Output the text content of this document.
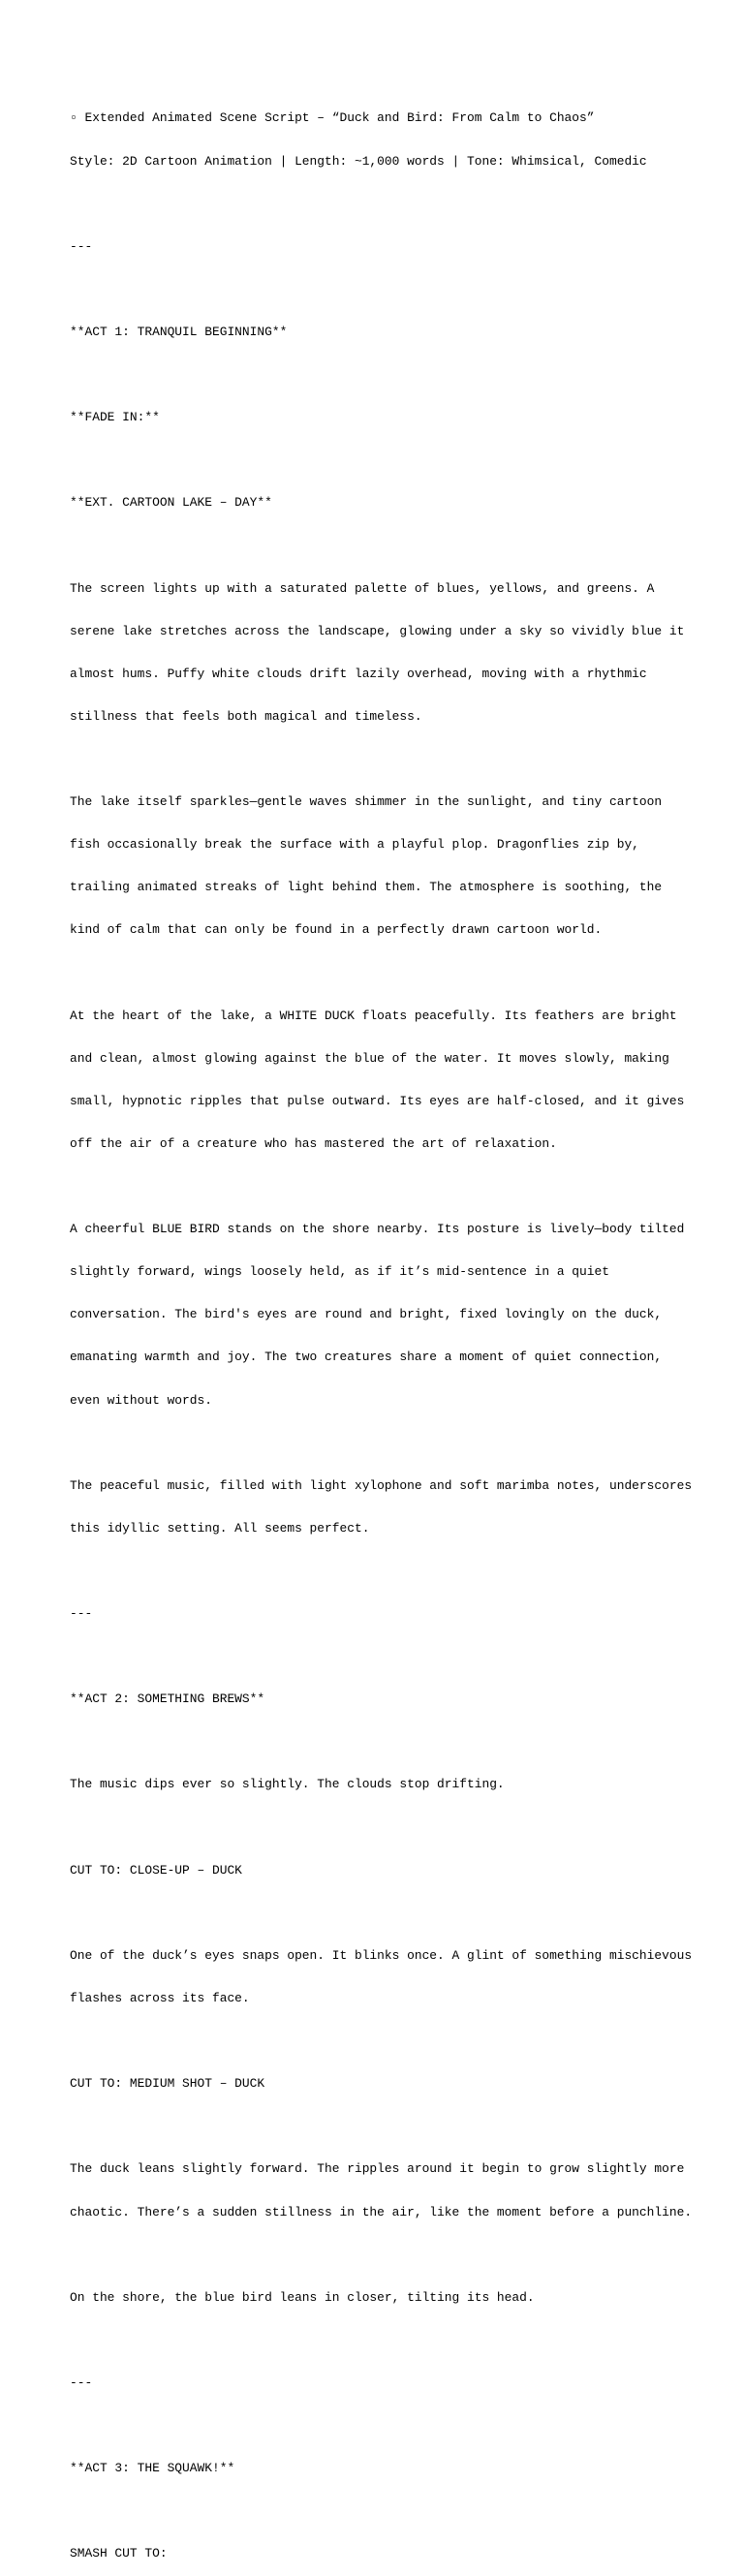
▫ Extended Animated Scene Script – “Duck and Bird: From Calm to Chaos”

Style: 2D Cartoon Animation | Length: ~1,000 words | Tone: Whimsical, Comedic

---

**ACT 1: TRANQUIL BEGINNING**

**FADE IN:**

**EXT. CARTOON LAKE – DAY**

The screen lights up with a saturated palette of blues, yellows, and greens. A

serene lake stretches across the landscape, glowing under a sky so vividly blue it

almost hums. Puffy white clouds drift lazily overhead, moving with a rhythmic

stillness that feels both magical and timeless.

The lake itself sparkles—gentle waves shimmer in the sunlight, and tiny cartoon

fish occasionally break the surface with a playful plop. Dragonflies zip by,

trailing animated streaks of light behind them. The atmosphere is soothing, the

kind of calm that can only be found in a perfectly drawn cartoon world.

At the heart of the lake, a WHITE DUCK floats peacefully. Its feathers are bright

and clean, almost glowing against the blue of the water. It moves slowly, making

small, hypnotic ripples that pulse outward. Its eyes are half-closed, and it gives

off the air of a creature who has mastered the art of relaxation.

A cheerful BLUE BIRD stands on the shore nearby. Its posture is lively—body tilted

slightly forward, wings loosely held, as if it’s mid-sentence in a quiet

conversation. The bird's eyes are round and bright, fixed lovingly on the duck,

emanating warmth and joy. The two creatures share a moment of quiet connection,

even without words.

The peaceful music, filled with light xylophone and soft marimba notes, underscores

this idyllic setting. All seems perfect.

---

**ACT 2: SOMETHING BREWS**

The music dips ever so slightly. The clouds stop drifting.

CUT TO: CLOSE-UP – DUCK

One of the duck’s eyes snaps open. It blinks once. A glint of something mischievous

flashes across its face.

CUT TO: MEDIUM SHOT – DUCK

The duck leans slightly forward. The ripples around it begin to grow slightly more

chaotic. There’s a sudden stillness in the air, like the moment before a punchline.

On the shore, the blue bird leans in closer, tilting its head.

---

**ACT 3: THE SQUAWK!**

SMASH CUT TO:
